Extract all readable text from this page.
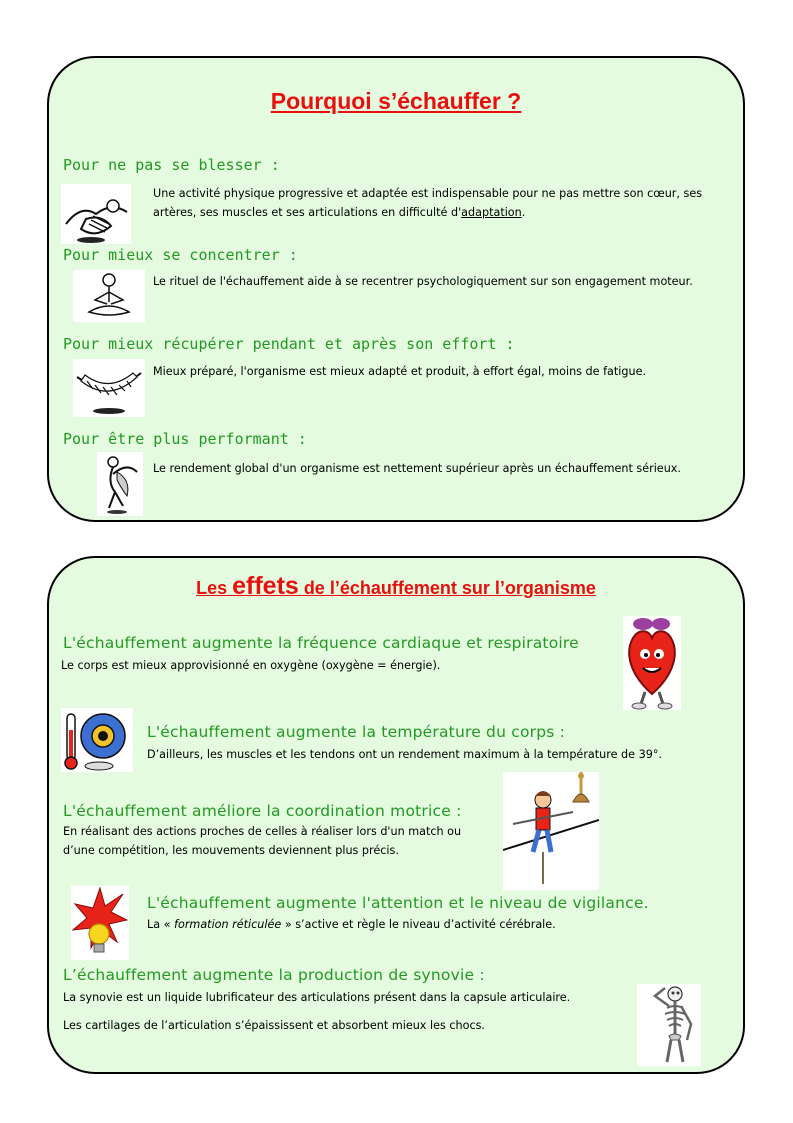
Pourquoi s’échauffer ?
Pour ne pas se blesser :
Une activité physique progressive et adaptée est indispensable pour ne pas mettre son cœur, ses artères, ses muscles et ses articulations en difficulté d'adaptation.
Pour mieux se concentrer :
Le rituel de l'échauffement aide à se recentrer psychologiquement sur son engagement moteur.
Pour mieux récupérer pendant et après son effort :
Mieux préparé, l'organisme est mieux adapté et produit, à effort égal, moins de fatigue.
Pour être plus performant :
Le rendement global d'un organisme est nettement supérieur après un échauffement sérieux.
Les effets de l’échauffement sur l’organisme
L'échauffement augmente la fréquence cardiaque et respiratoire
Le corps est mieux approvisionné en oxygène (oxygène = énergie).
L'échauffement augmente la température du corps :
D’ailleurs, les muscles et les tendons ont un rendement maximum à la température de 39°.
L'échauffement améliore la coordination motrice :
En réalisant des actions proches de celles à réaliser lors d'un match ou
d’une compétition, les mouvements deviennent plus précis.
L'échauffement augmente l'attention et le niveau de vigilance.
La « formation réticulée » s’active et règle le niveau d’activité cérébrale.
L’échauffement augmente la production de synovie :
La synovie est un liquide lubrificateur des articulations présent dans la capsule articulaire.
Les cartilages de l’articulation s’épaississent et absorbent mieux les chocs.
